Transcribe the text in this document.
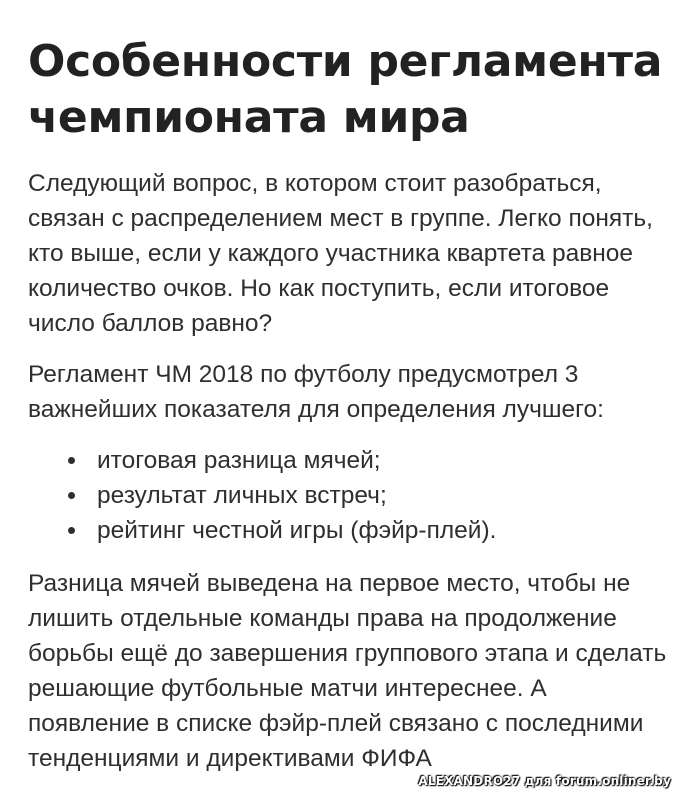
Особенности регламента чемпионата мира

Следующий вопрос, в котором стоит разобраться, связан с распределением мест в группе. Легко понять, кто выше, если у каждого участника квартета равное количество очков. Но как поступить, если итоговое число баллов равно?

Регламент ЧМ 2018 по футболу предусмотрел 3 важнейших показателя для определения лучшего:

итоговая разница мячей;
результат личных встреч;
рейтинг честной игры (фэйр-плей).

Разница мячей выведена на первое место, чтобы не лишить отдельные команды права на продолжение борьбы ещё до завершения группового этапа и сделать решающие футбольные матчи интереснее. А появление в списке фэйр-плей связано с последними тенденциями и директивами ФИФА

ALEXANDRO27 для forum.onliner.by
